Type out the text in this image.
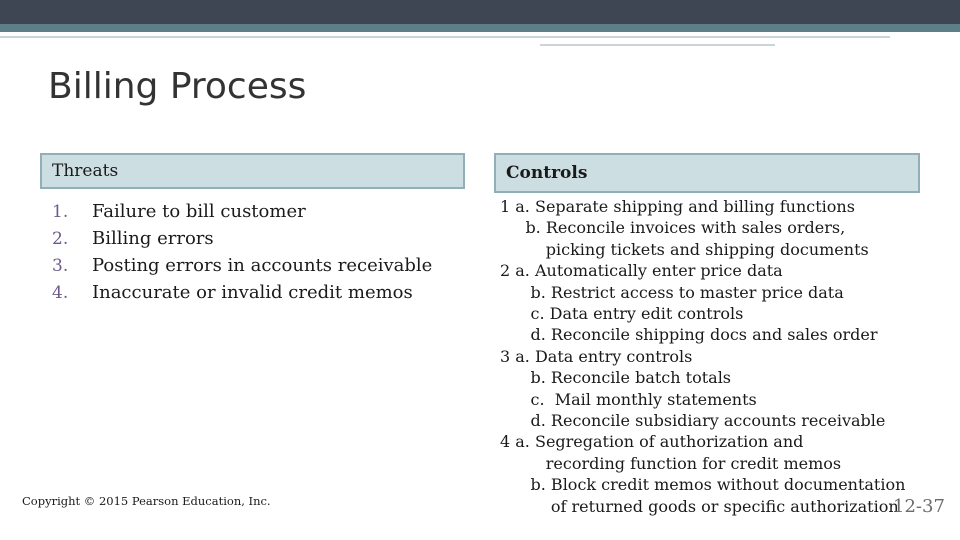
Billing Process
Threats	Controls
1.	Failure to bill customer
2.	Billing errors
3.	Posting errors in accounts receivable
4.	Inaccurate or invalid credit memos
1 a. Separate shipping and billing functions
b. Reconcile invoices with sales orders,
picking tickets and shipping documents
2 a. Automatically enter price data
b. Restrict access to master price data
c. Data entry edit controls
d. Reconcile shipping docs and sales order
3 a. Data entry controls
b. Reconcile batch totals
c.  Mail monthly statements
d. Reconcile subsidiary accounts receivable
4 a. Segregation of authorization and
recording function for credit memos
b. Block credit memos without documentation
of returned goods or specific authorization
Copyright © 2015 Pearson Education, Inc.	12-37
